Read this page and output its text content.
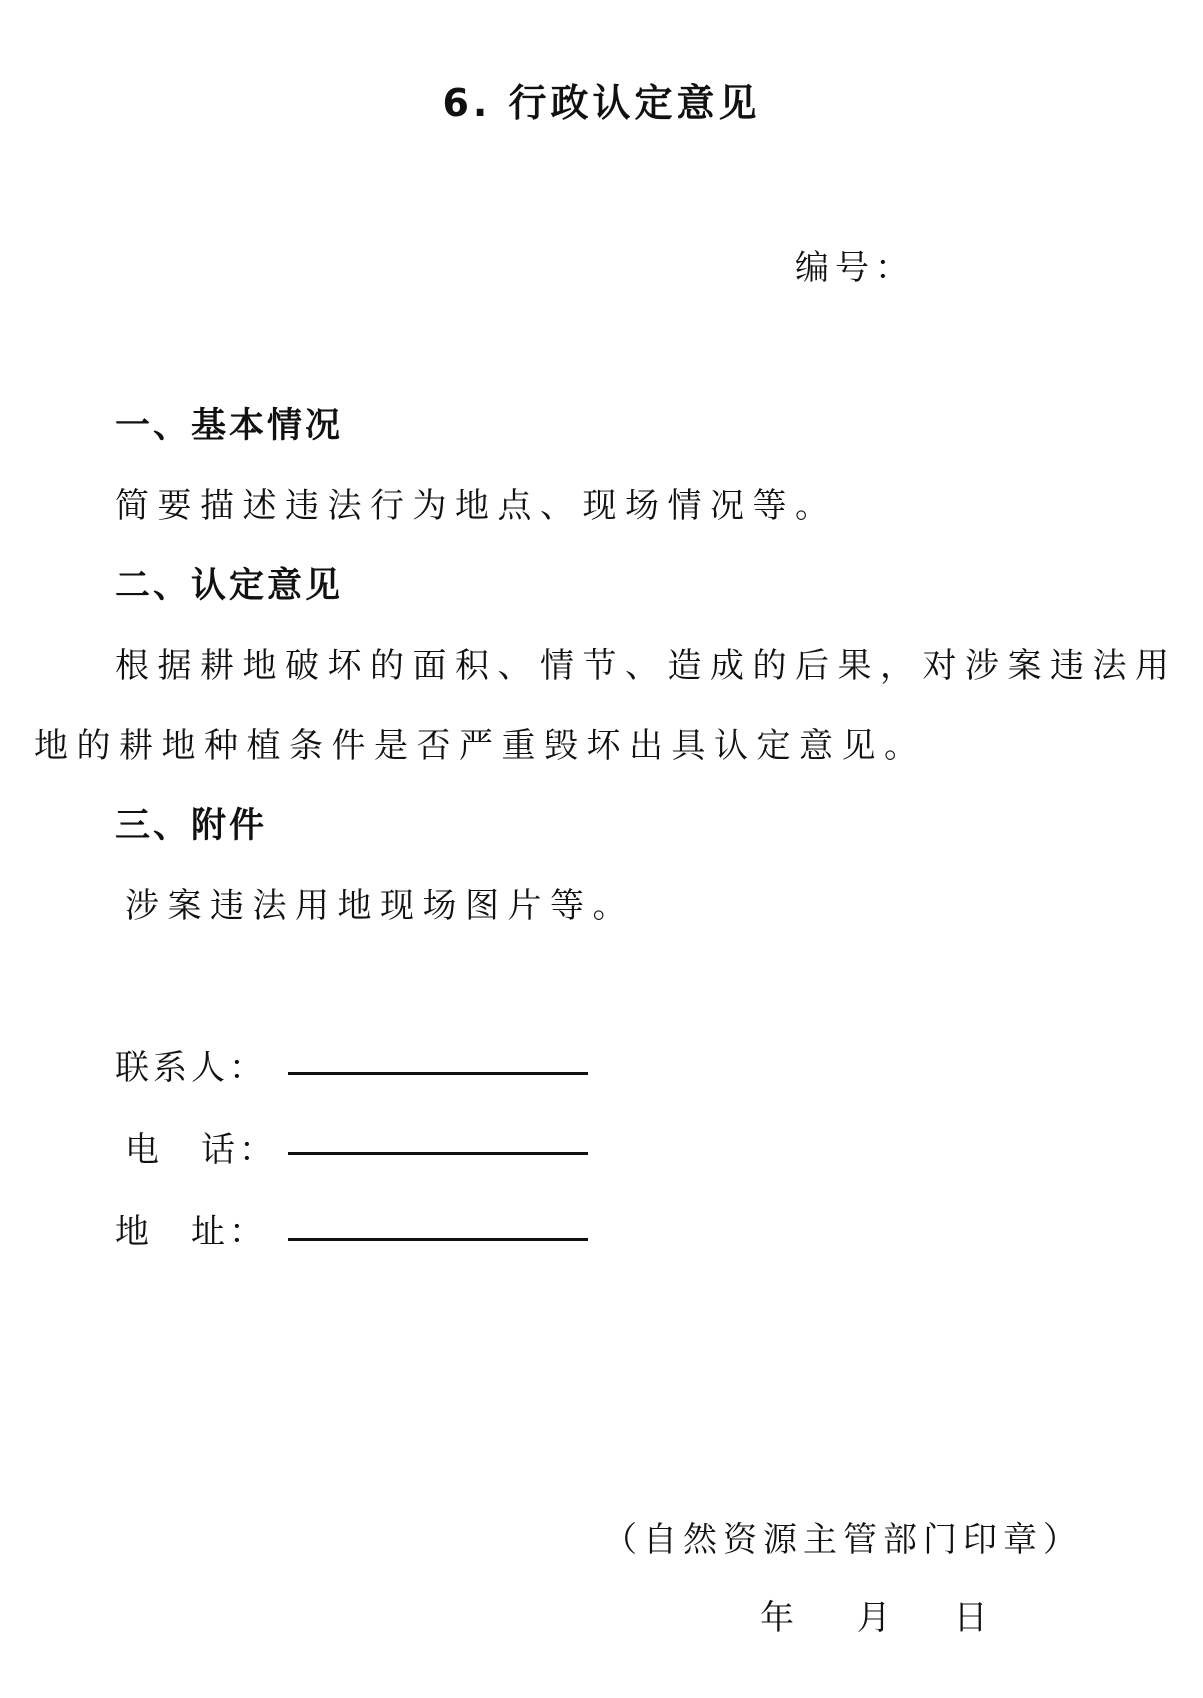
6. 行政认定意见
编号：
一、基本情况
简要描述违法行为地点、现场情况等。
二、认定意见
根据耕地破坏的面积、情节、造成的后果，对涉案违法用
地的耕地种植条件是否严重毁坏出具认定意见。
三、附件
涉案违法用地现场图片等。
联系人：
电　话：
地　址：
（自然资源主管部门印章）
年　 月　 日
